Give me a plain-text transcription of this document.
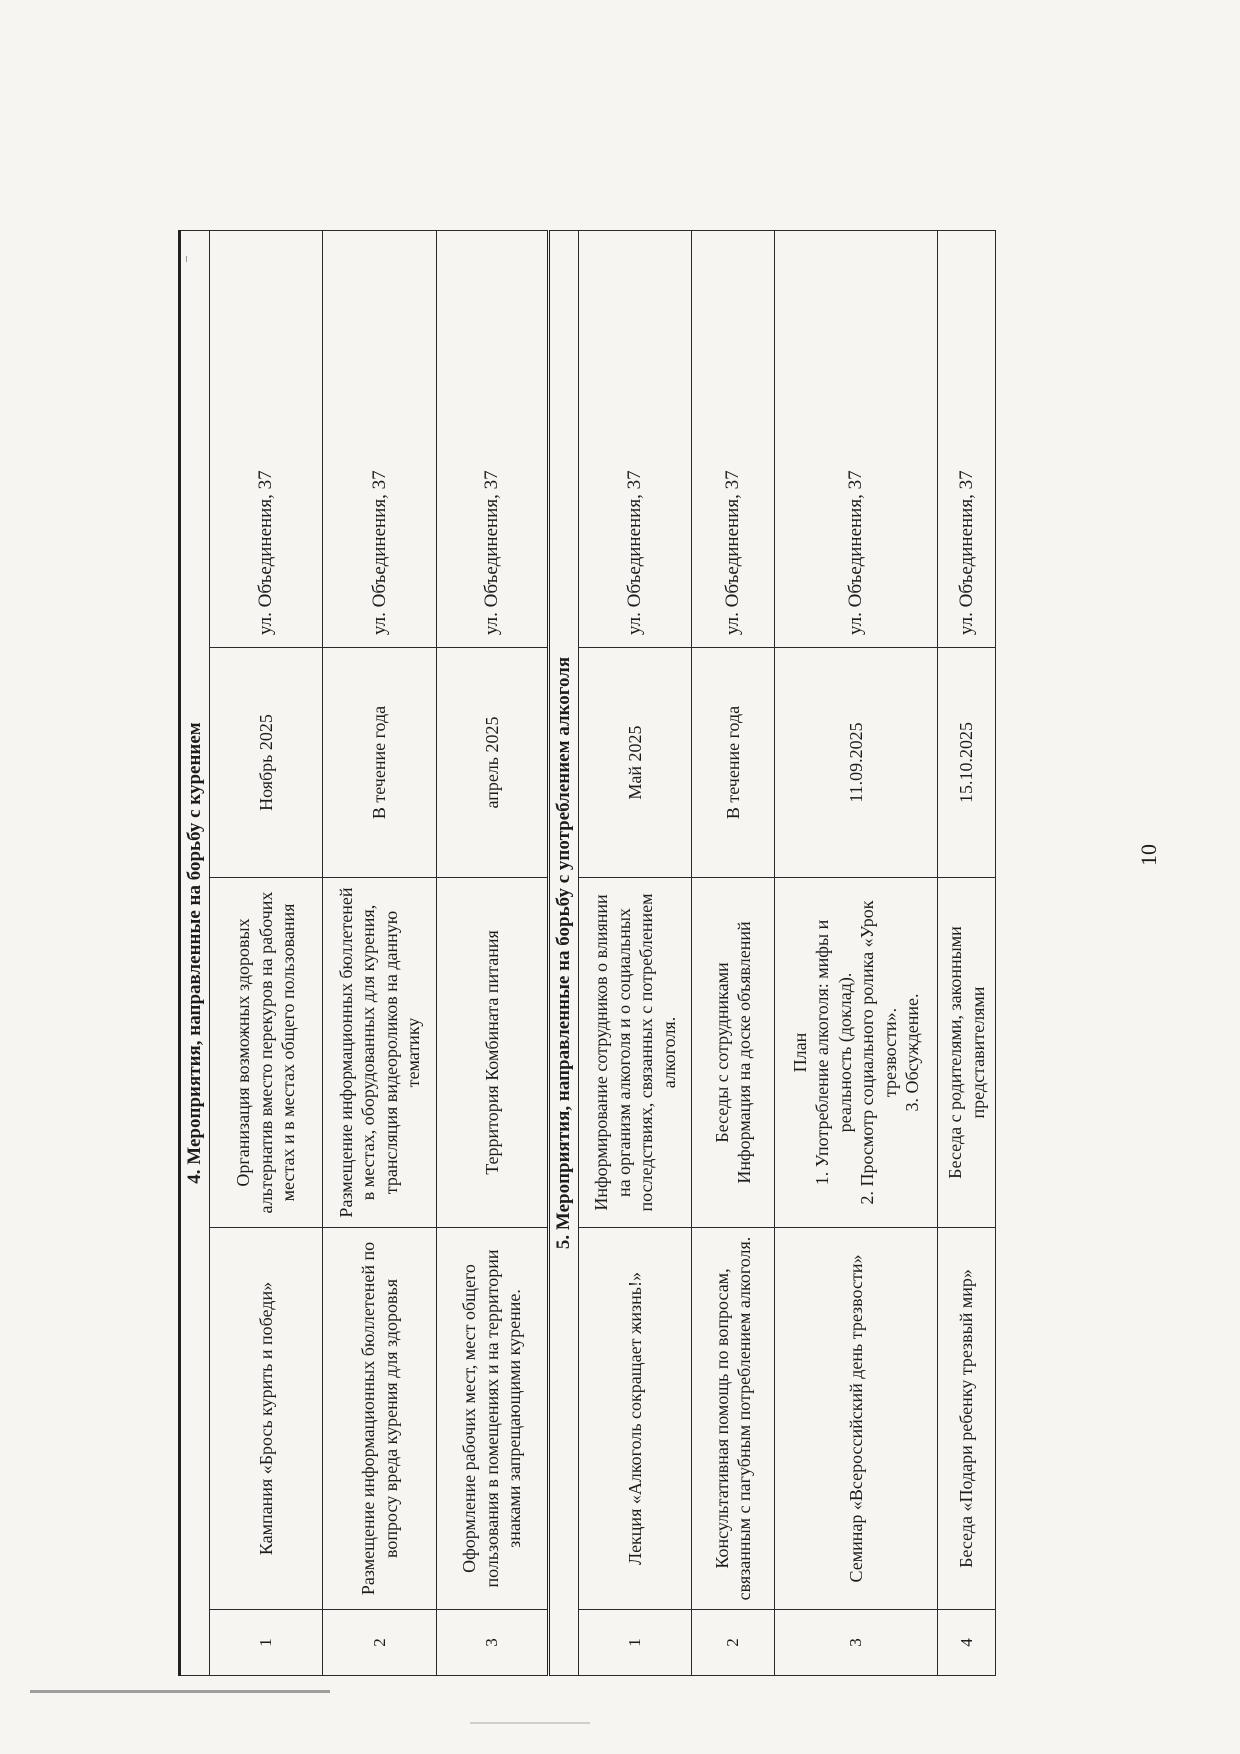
4. Мероприятия, направленные на борьбу с курением				
1	Кампания «Брось курить и победи»	Организация возможных здоровых альтернатив вместо перекуров на рабочих местах и в местах общего пользования	Ноябрь 2025	ул. Объединения, 37
2	Размещение информационных бюллетеней по вопросу вреда курения для здоровья	Размещение информационных бюллетеней в местах, оборудованных для курения, трансляция видеороликов на данную тематику	В течение года	ул. Объединения, 37
3	Оформление рабочих мест, мест общего пользования в помещениях и на территории знаками запрещающими курение.	Территория Комбината питания	апрель 2025	ул. Объединения, 37
5. Мероприятия, направленные на борьбу с употреблением алкоголя				
1	Лекция «Алкоголь сокращает жизнь!»	Информирование сотрудников о влиянии на организм алкоголя и о социальных последствиях, связанных с потреблением алкоголя.	Май 2025	ул. Объединения, 37
2	Консультативная помощь по вопросам, связанным с пагубным потреблением алкоголя.	Беседы с сотрудниками Информация на доске объявлений	В течение года	ул. Объединения, 37
3	Семинар «Всероссийский день трезвости»	План 1. Употребление алкоголя: мифы и реальность (доклад). 2. Просмотр социального ролика «Урок трезвости». 3. Обсуждение.	11.09.2025	ул. Объединения, 37
4	Беседа «Подари ребенку трезвый мир»	Беседа с родителями, законными представителями	15.10.2025	ул. Объединения, 37
10
